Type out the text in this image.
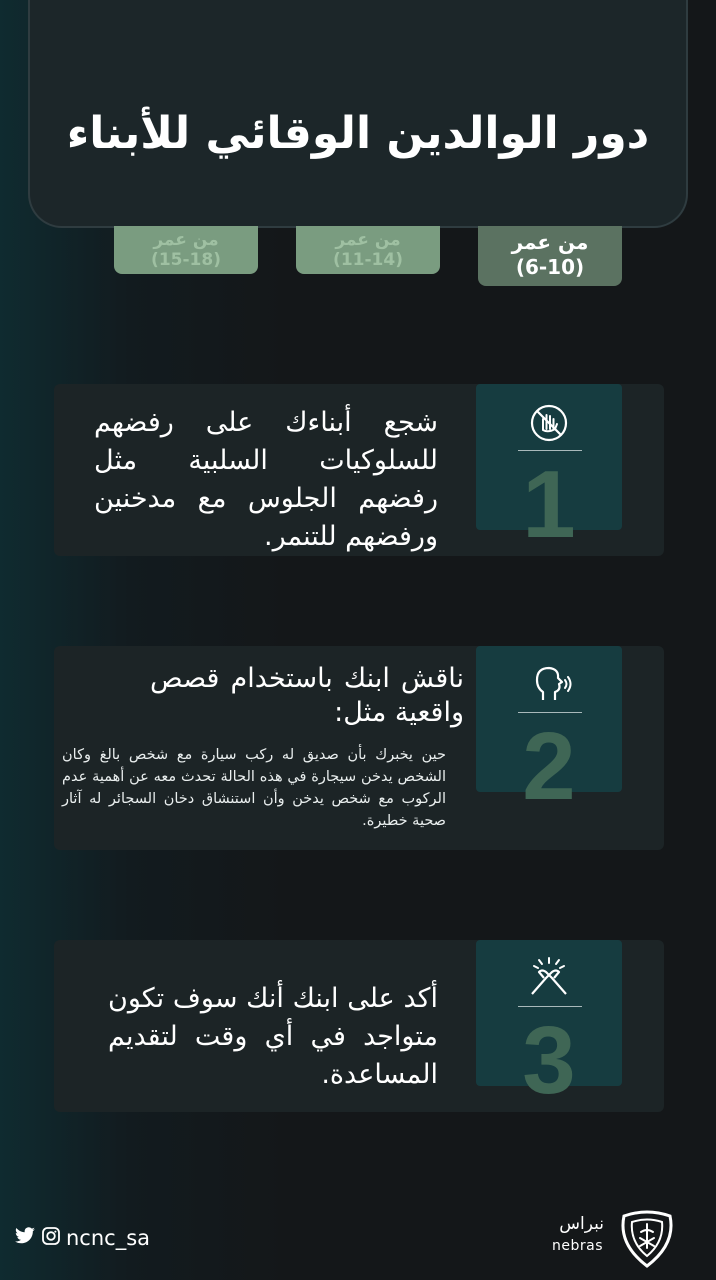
دور الوالدين الوقائي للأبناء
من عمر
(6-10)
من عمر
(11-14)
من عمر
(15-18)
1
شجع أبناءك على رفضهم للسلوكيات السلبية مثل رفضهم الجلوس مع مدخنين ورفضهم للتنمر.
2
ناقش ابنك باستخدام قصص واقعية مثل:
حين يخبرك بأن صديق له ركب سيارة مع شخص بالغ وكان الشخص يدخن سيجارة في هذه الحالة تحدث معه عن أهمية عدم الركوب مع شخص يدخن وأن استنشاق دخان السجائر له آثار صحية خطيرة.
3
أكد على ابنك أنك سوف تكون متواجد في أي وقت لتقديم المساعدة.
ncnc_sa
نبراس
nebras
